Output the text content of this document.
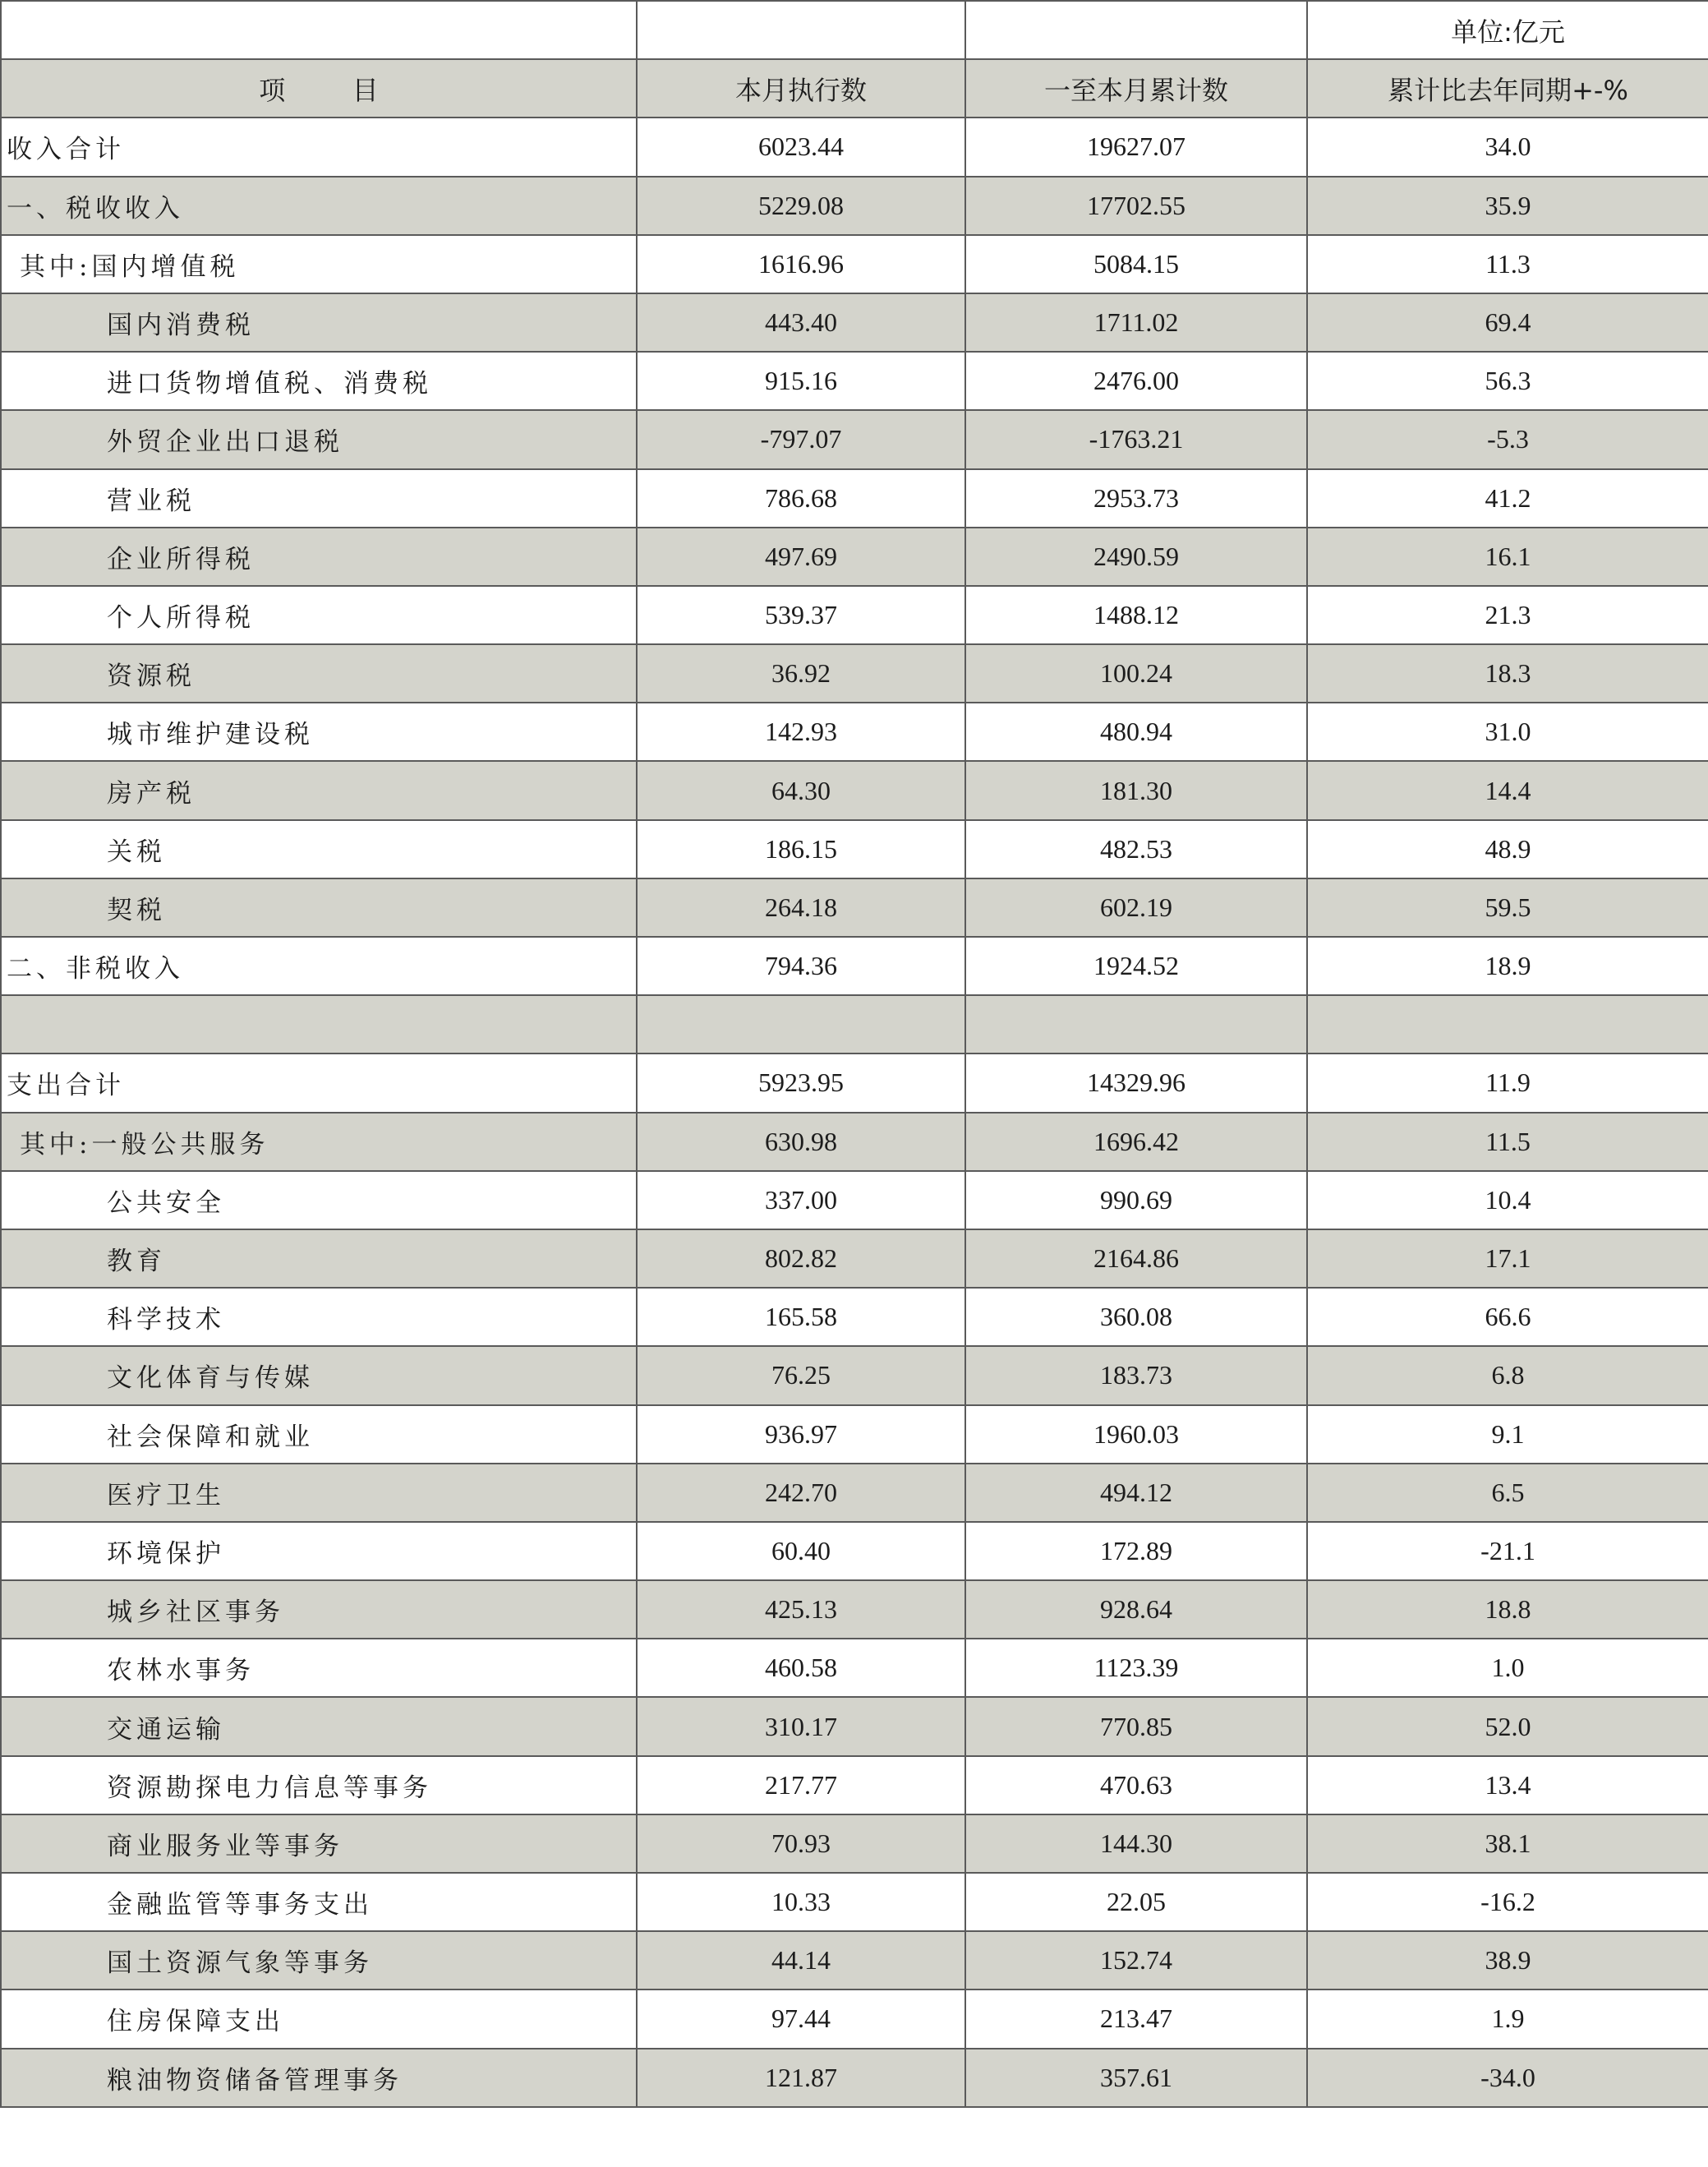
			单位:亿元
项        目	本月执行数	一至本月累计数	累计比去年同期+-%
收入合计	6023.44	19627.07	34.0
一、税收收入	5229.08	17702.55	35.9
其中:国内增值税	1616.96	5084.15	11.3
国内消费税	443.40	1711.02	69.4
进口货物增值税、消费税	915.16	2476.00	56.3
外贸企业出口退税	-797.07	-1763.21	-5.3
营业税	786.68	2953.73	41.2
企业所得税	497.69	2490.59	16.1
个人所得税	539.37	1488.12	21.3
资源税	36.92	100.24	18.3
城市维护建设税	142.93	480.94	31.0
房产税	64.30	181.30	14.4
关税	186.15	482.53	48.9
契税	264.18	602.19	59.5
二、非税收入	794.36	1924.52	18.9

支出合计	5923.95	14329.96	11.9
其中:一般公共服务	630.98	1696.42	11.5
公共安全	337.00	990.69	10.4
教育	802.82	2164.86	17.1
科学技术	165.58	360.08	66.6
文化体育与传媒	76.25	183.73	6.8
社会保障和就业	936.97	1960.03	9.1
医疗卫生	242.70	494.12	6.5
环境保护	60.40	172.89	-21.1
城乡社区事务	425.13	928.64	18.8
农林水事务	460.58	1123.39	1.0
交通运输	310.17	770.85	52.0
资源勘探电力信息等事务	217.77	470.63	13.4
商业服务业等事务	70.93	144.30	38.1
金融监管等事务支出	10.33	22.05	-16.2
国土资源气象等事务	44.14	152.74	38.9
住房保障支出	97.44	213.47	1.9
粮油物资储备管理事务	121.87	357.61	-34.0
